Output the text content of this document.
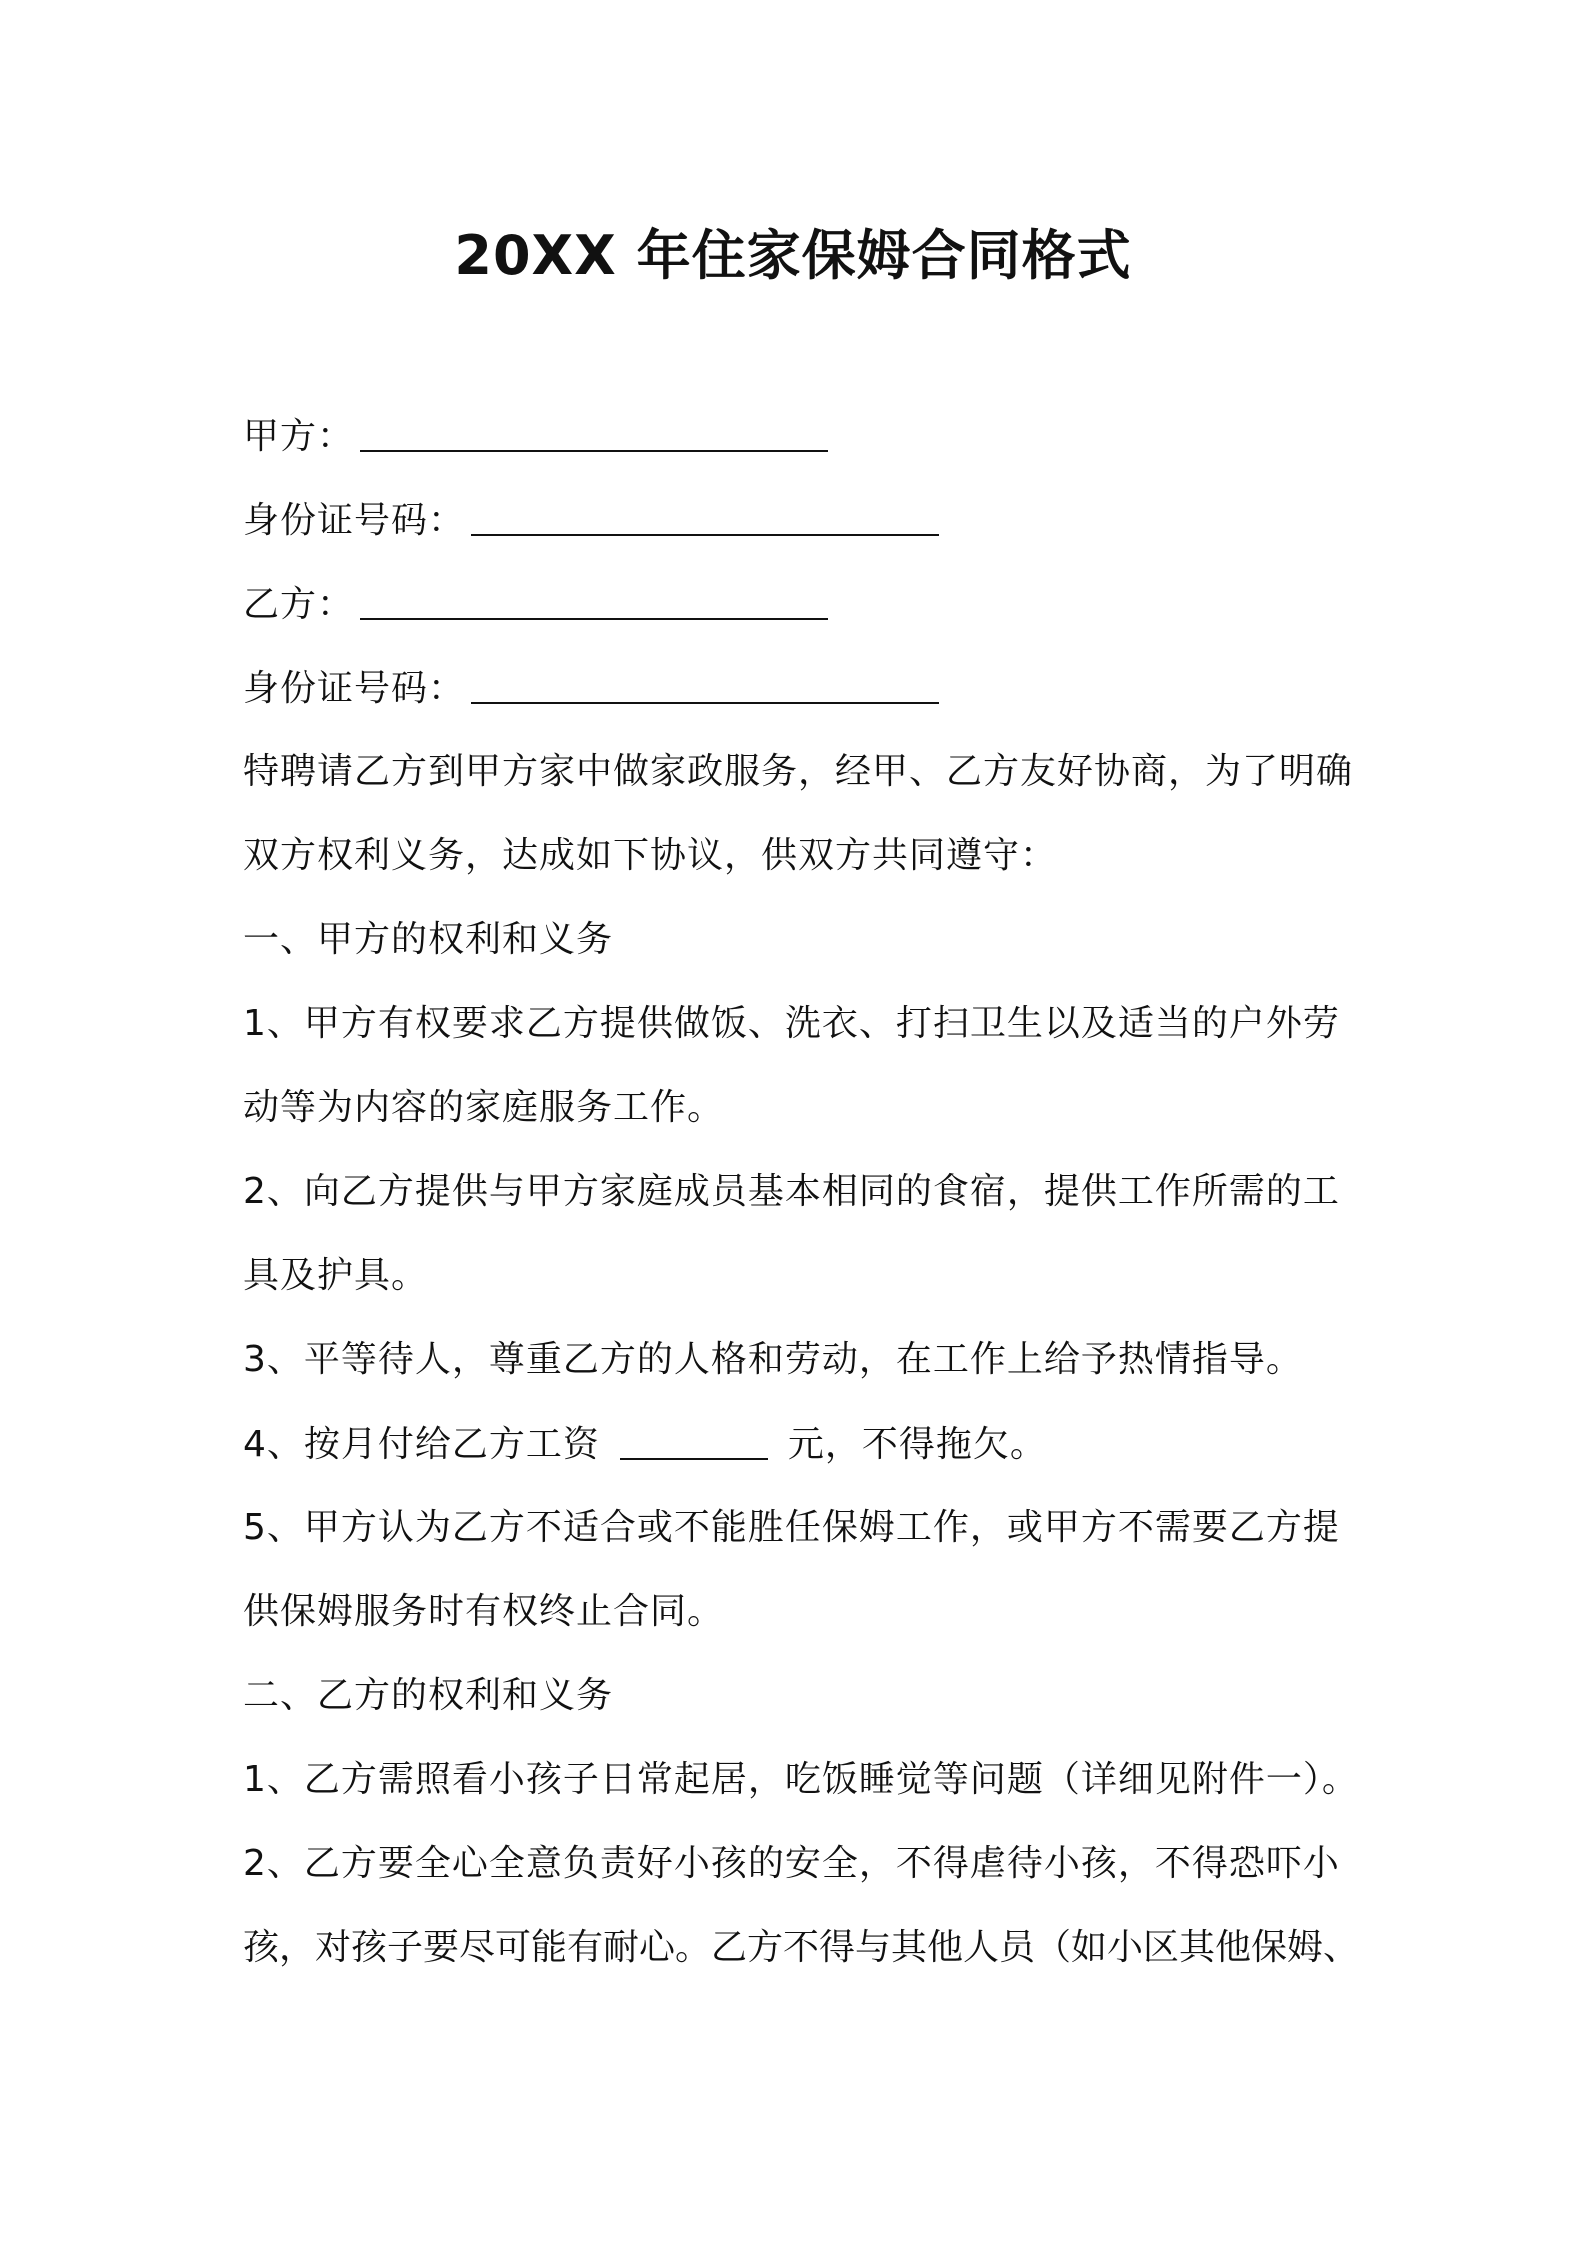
20XX 年住家保姆合同格式
甲方：
身份证号码：
乙方：
身份证号码：
特聘请乙方到甲方家中做家政服务，经甲、乙方友好协商，为了明确
双方权利义务，达成如下协议，供双方共同遵守：
一、甲方的权利和义务
1、甲方有权要求乙方提供做饭、洗衣、打扫卫生以及适当的户外劳
动等为内容的家庭服务工作。
2、向乙方提供与甲方家庭成员基本相同的食宿，提供工作所需的工
具及护具。
3、平等待人，尊重乙方的人格和劳动，在工作上给予热情指导。
4、按月付给乙方工资	元，不得拖欠。
5、甲方认为乙方不适合或不能胜任保姆工作，或甲方不需要乙方提
供保姆服务时有权终止合同。
二、乙方的权利和义务
1、乙方需照看小孩子日常起居，吃饭睡觉等问题（详细见附件一）。
2、乙方要全心全意负责好小孩的安全，不得虐待小孩，不得恐吓小
孩，对孩子要尽可能有耐心。乙方不得与其他人员（如小区其他保姆、
